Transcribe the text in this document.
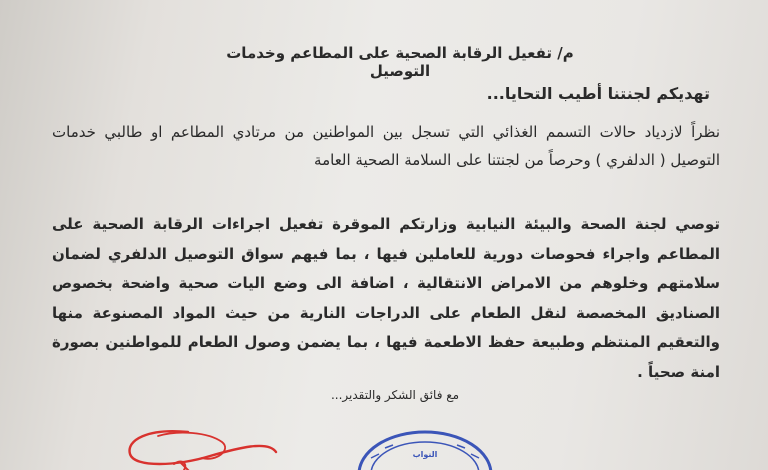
م/ تفعيل الرقابة الصحية على المطاعم وخدمات التوصيل
تهديكم لجنتنا أطيب التحايا...
نظراً لازدياد حالات التسمم الغذائي التي تسجل بين المواطنين من مرتادي المطاعم او طالبي خدمات التوصيل ( الدلفري ) وحرصاً من لجنتنا على السلامة الصحية العامة
توصي لجنة الصحة والبيئة النيابية وزارتكم الموقرة تفعيل اجراءات الرقابة الصحية على المطاعم واجراء فحوصات دورية للعاملين فيها ، بما فيهم سواق التوصيل الدلفري لضمان سلامتهم وخلوهم من الامراض الانتقالية ، اضافة الى وضع اليات صحية واضحة بخصوص الصناديق المخصصة لنقل الطعام على الدراجات النارية من حيث المواد المصنوعة منها والتعقيم المنتظم وطبيعة حفظ الاطعمة فيها ، بما يضمن وصول الطعام للمواطنين بصورة امنة صحياً .
مع فائق الشكر والتقدير...
النواب
